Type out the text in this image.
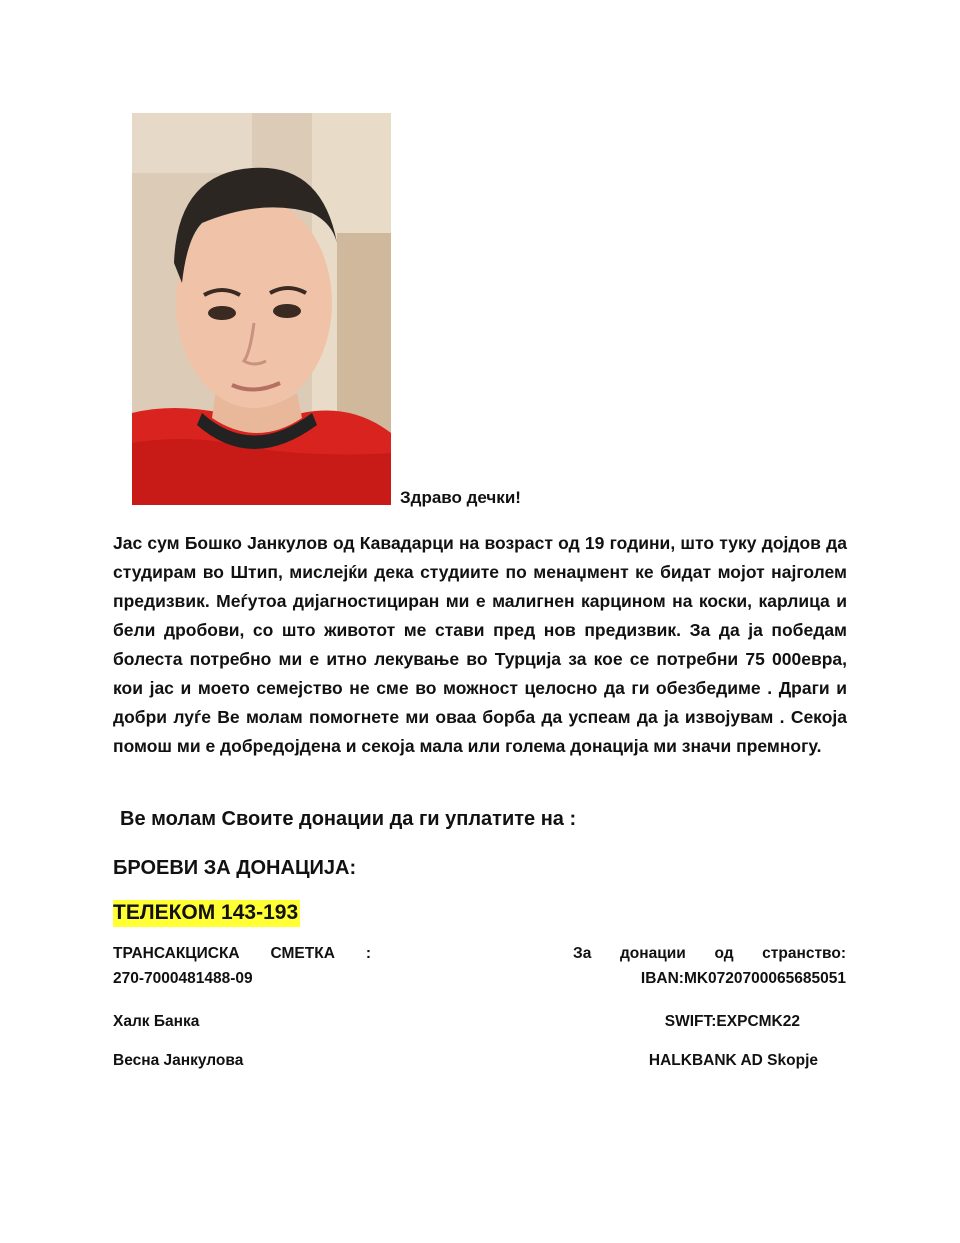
Здраво дечки!

Јас сум Бошко Јанкулов од Кавадарци на возраст од 19 години, што туку дојдов да студирам во Штип, мислејќи дека студиите по менаџмент ке бидат мојот најголем предизвик. Меѓутоа дијагностициран ми е малигнен карцином на коски, карлица и бели дробови, со што животот ме стави пред нов предизвик. За да ја победам болеста потребно ми е итно лекување во Турција за кое се потребни 75 000евра, кои јас и моето семејство не сме во можност целосно да ги обезбедиме . Драги и добри луѓе Ве молам помогнете ми оваа борба да успеам да ја извојувам . Секоја помош ми е добредојдена и секоја мала или голема донација ми значи премногу.

Ве молам Своите донации да ги уплатите на :
БРОЕВИ ЗА ДОНАЦИЈА:
ТЕЛЕКОМ 143-193
ТРАНСАКЦИСКА СМЕТКА :
270-7000481488-09
Халк Банка
Весна Јанкулова
За донации од странство:
IBAN:MK0720700065685051
SWIFT:EXPCMK22
HALKBANK AD Skopje
